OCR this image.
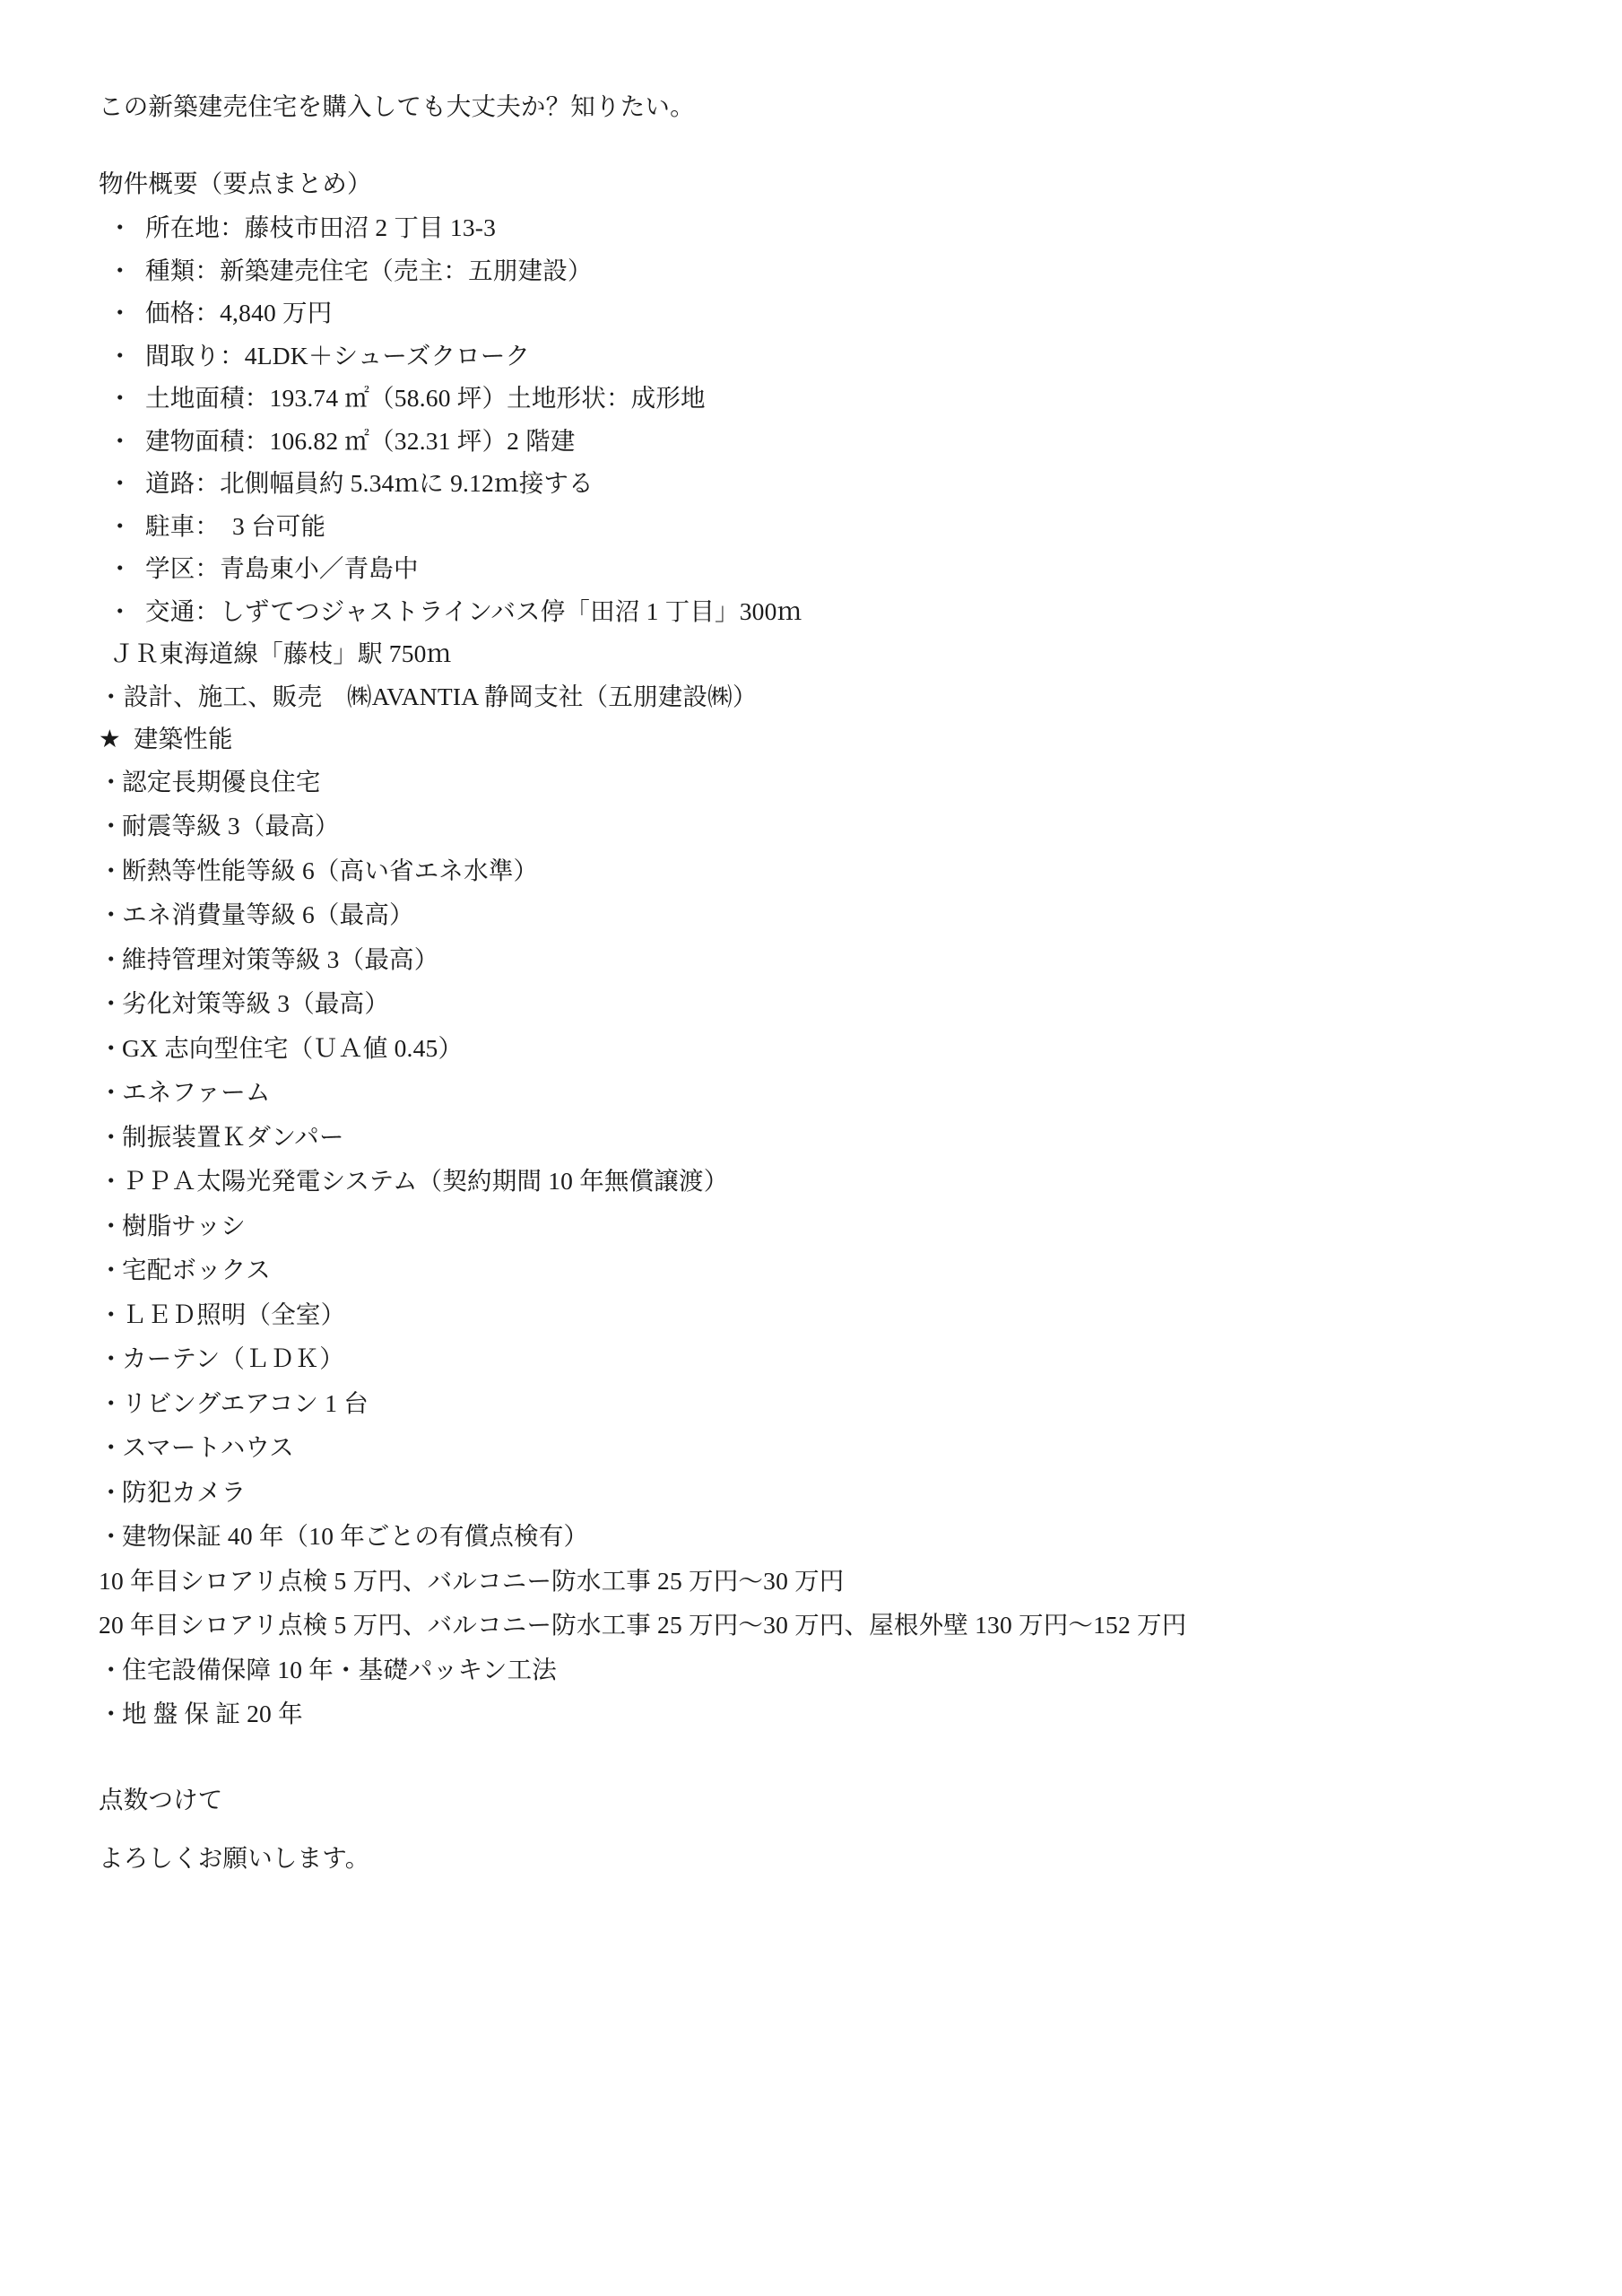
この新築建売住宅を購入しても大丈夫か？知りたい。

物件概要（要点まとめ）

・ 所在地：藤枝市田沼 2 丁目 13-3
・ 種類：新築建売住宅（売主：五朋建設）
・ 価格：4,840 万円
・ 間取り：4LDK＋シューズクローク
・ 土地面積：193.74 ㎡（58.60 坪）土地形状：成形地
・ 建物面積：106.82 ㎡（32.31 坪）2 階建
・ 道路：北側幅員約 5.34ｍに 9.12ｍ接する
・ 駐車：　3 台可能
・ 学区：青島東小／青島中
・ 交通：しずてつジャストラインバス停「田沼 1 丁目」300ｍ

ＪＲ東海道線「藤枝」駅 750ｍ

・設計、施工、販売　㈱AVANTIA 静岡支社（五朋建設㈱）

★ 建築性能

・
認定長期優良住宅
・
耐震等級 3（最高）
・
断熱等性能等級 6（高い省エネ水準）
・
エネ消費量等級 6（最高）
・
維持管理対策等級 3（最高）
・
劣化対策等級 3（最高）
・
GX 志向型住宅（ＵＡ値 0.45）
・
エネファーム
・
制振装置Ｋダンパー
・
ＰＰＡ太陽光発電システム（契約期間 10 年無償譲渡）
・
樹脂サッシ
・
宅配ボックス
・
ＬＥＤ照明（全室）
・
カーテン（ＬＤＫ）
・
リビングエアコン 1 台
・
スマートハウス
・
防犯カメラ
・
建物保証 40 年（10 年ごとの有償点検有）

10 年目シロアリ点検 5 万円、バルコニー防水工事 25 万円〜30 万円

20 年目シロアリ点検 5 万円、バルコニー防水工事 25 万円〜30 万円、屋根外壁 130 万円〜152 万円

・
住宅設備保障 10 年・基礎パッキン工法
・
地 盤 保 証 20 年

点数つけて

よろしくお願いします。
